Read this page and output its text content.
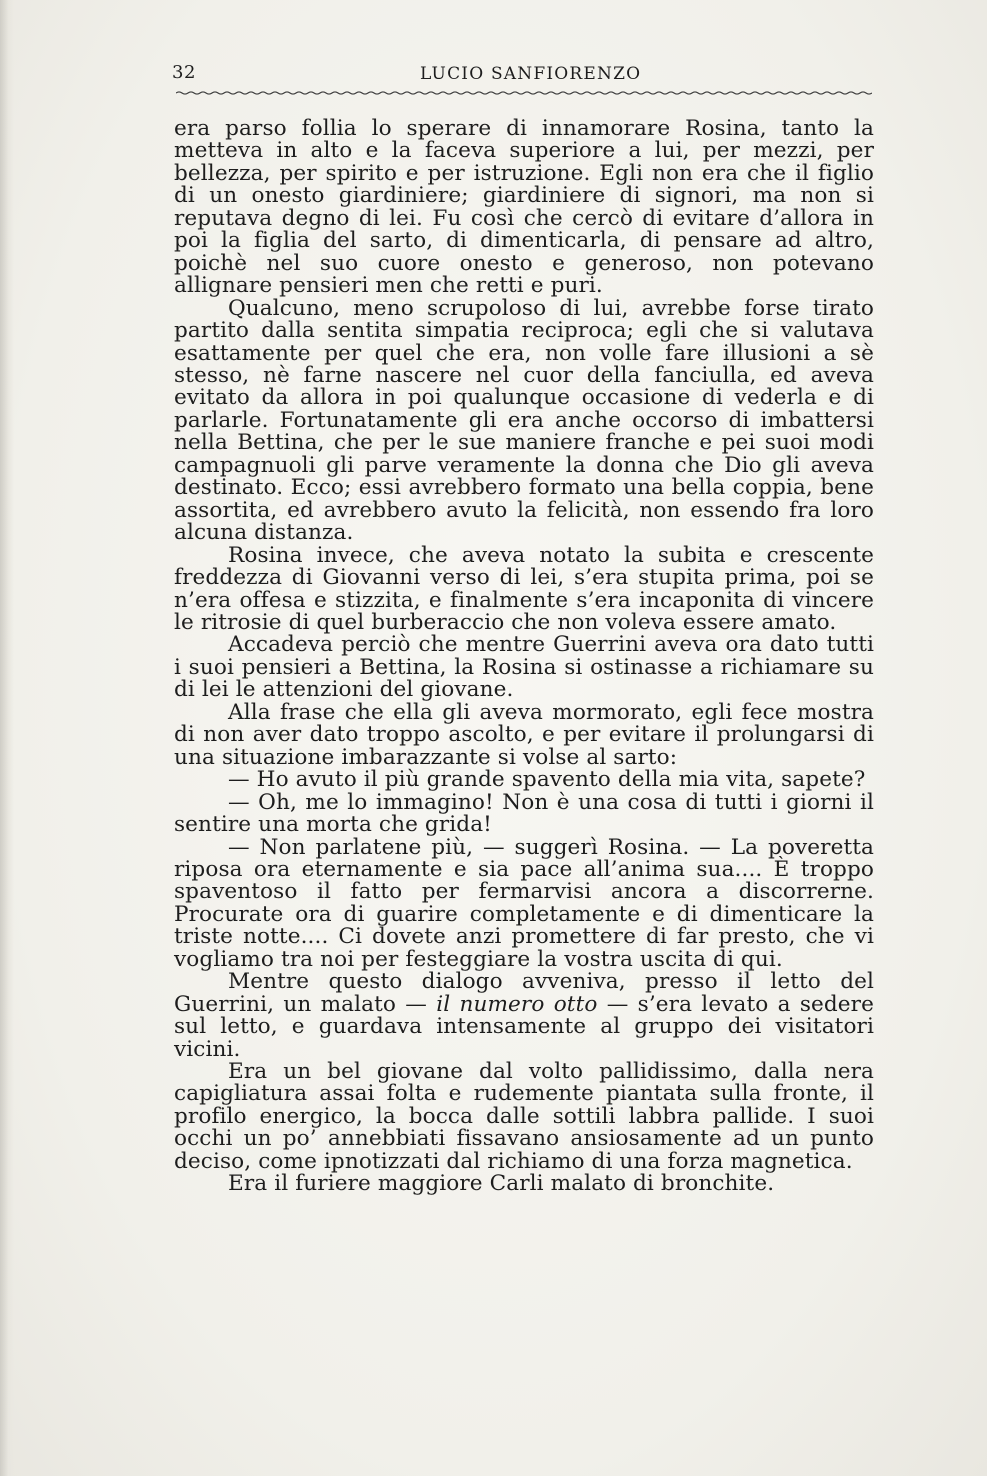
32	LUCIO SANFIORENZO

era parso follia lo sperare di innamorare Rosina, tanto la metteva in alto e la faceva superiore a lui, per mezzi, per bellezza, per spirito e per istruzione. Egli non era che il figlio di un onesto giardiniere; giardiniere di signori, ma non si reputava degno di lei. Fu così che cercò di evitare d’allora in poi la figlia del sarto, di dimenticarla, di pensare ad altro, poichè nel suo cuore onesto e generoso, non potevano allignare pensieri men che retti e puri.

Qualcuno, meno scrupoloso di lui, avrebbe forse tirato partito dalla sentita simpatia reciproca; egli che si valutava esattamente per quel che era, non volle fare illusioni a sè stesso, nè farne nascere nel cuor della fanciulla, ed aveva evitato da allora in poi qualunque occasione di vederla e di parlarle. Fortunatamente gli era anche occorso di imbattersi nella Bettina, che per le sue maniere franche e pei suoi modi campagnuoli gli parve veramente la donna che Dio gli aveva destinato. Ecco; essi avrebbero formato una bella coppia, bene assortita, ed avrebbero avuto la felicità, non essendo fra loro alcuna distanza.

Rosina invece, che aveva notato la subita e crescente freddezza di Giovanni verso di lei, s’era stupita prima, poi se n’era offesa e stizzita, e finalmente s’era incaponita di vincere le ritrosie di quel burberaccio che non voleva essere amato.

Accadeva perciò che mentre Guerrini aveva ora dato tutti i suoi pensieri a Bettina, la Rosina si ostinasse a richiamare su di lei le attenzioni del giovane.

Alla frase che ella gli aveva mormorato, egli fece mostra di non aver dato troppo ascolto, e per evitare il prolungarsi di una situazione imbarazzante si volse al sarto:

— Ho avuto il più grande spavento della mia vita, sapete?

— Oh, me lo immagino! Non è una cosa di tutti i giorni il sentire una morta che grida!

— Non parlatene più, — suggerì Rosina. — La poveretta riposa ora eternamente e sia pace all’anima sua.... È troppo spaventoso il fatto per fermarvisi ancora a discorrerne. Procurate ora di guarire completamente e di dimenticare la triste notte.... Ci dovete anzi promettere di far presto, che vi vogliamo tra noi per festeggiare la vostra uscita di qui.

Mentre questo dialogo avveniva, presso il letto del Guerrini, un malato — il numero otto — s’era levato a sedere sul letto, e guardava intensamente al gruppo dei visitatori vicini.

Era un bel giovane dal volto pallidissimo, dalla nera capigliatura assai folta e rudemente piantata sulla fronte, il profilo energico, la bocca dalle sottili labbra pallide. I suoi occhi un po’ annebbiati fissavano ansiosamente ad un punto deciso, come ipnotizzati dal richiamo di una forza magnetica.

Era il furiere maggiore Carli malato di bronchite.
